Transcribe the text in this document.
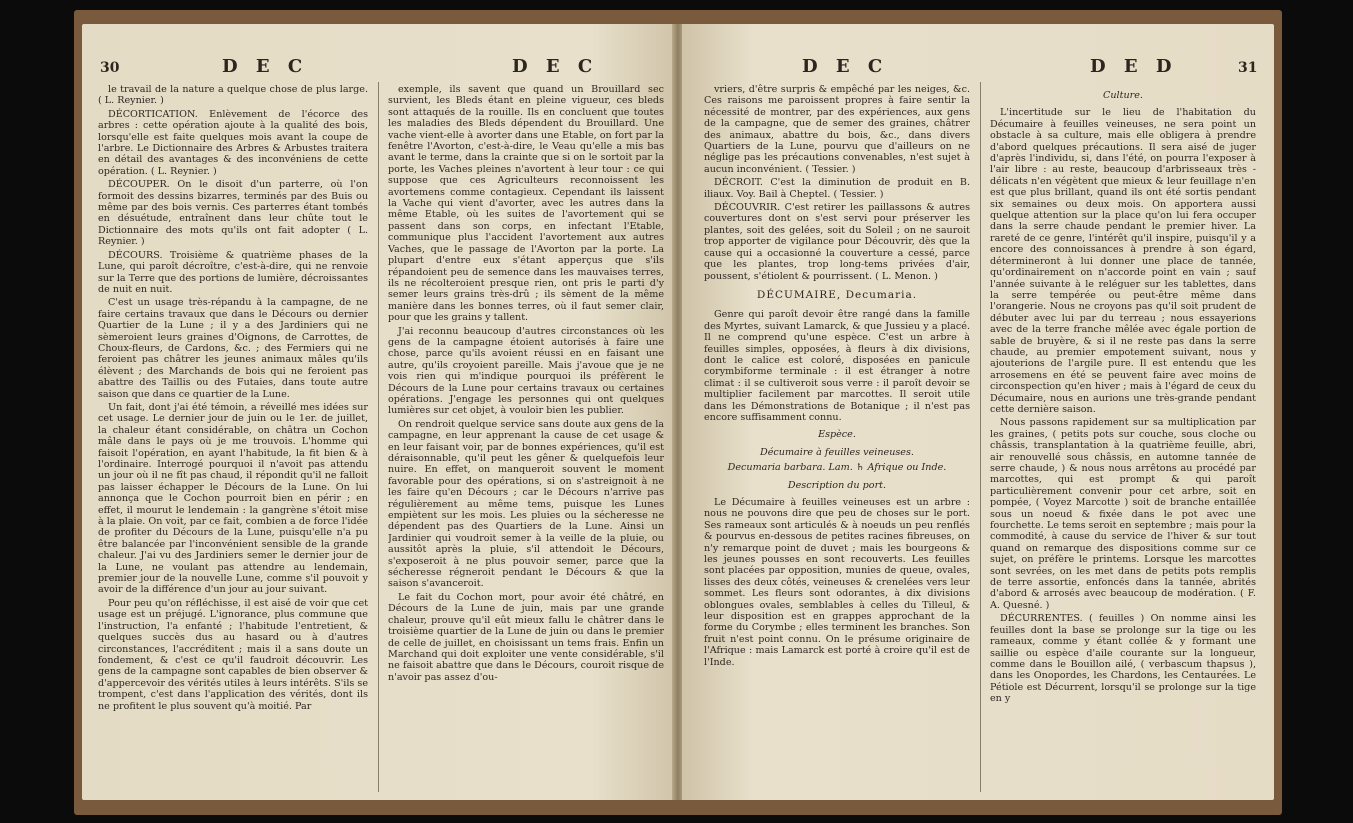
30	D E C	D E C

le travail de la nature a quelque chose de plus large. ( L. Reynier. )

DÉCORTICATION. Enlèvement de l'écorce des arbres : cette opération ajoute à la qualité des bois, lorsqu'elle est faite quelques mois avant la coupe de l'arbre. Le Dictionnaire des Arbres & Arbustes traitera en détail des avantages & des inconvéniens de cette opération. ( L. Reynier. )

DÉCOUPER. On le disoit d'un parterre, où l'on formoit des dessins bizarres, terminés par des Buis ou même par des bois vernis. Ces parterres étant tombés en désuétude, entraînent dans leur chûte tout le Dictionnaire des mots qu'ils ont fait adopter ( L. Reynier. )

DÉCOURS. Troisième & quatrième phases de la Lune, qui paroît décroître, c'est-à-dire, qui ne renvoie sur la Terre que des portions de lumière, décroissantes de nuit en nuit.

C'est un usage très-répandu à la campagne, de ne faire certains travaux que dans le Décours ou dernier Quartier de la Lune ; il y a des Jardiniers qui ne sèmeroient leurs graines d'Oignons, de Carrottes, de Choux-fleurs, de Cardons, &c. ; des Fermiers qui ne feroient pas châtrer les jeunes animaux mâles qu'ils élèvent ; des Marchands de bois qui ne feroient pas abattre des Taillis ou des Futaies, dans toute autre saison que dans ce quartier de la Lune.

Un fait, dont j'ai été témoin, a réveillé mes idées sur cet usage. Le dernier jour de juin ou le 1er. de juillet, la chaleur étant considérable, on châtra un Cochon mâle dans le pays où je me trouvois. L'homme qui faisoit l'opération, en ayant l'habitude, la fit bien & à l'ordinaire. Interrogé pourquoi il n'avoit pas attendu un jour où il ne fît pas chaud, il répondit qu'il ne falloit pas laisser échapper le Décours de la Lune. On lui annonça que le Cochon pourroit bien en périr ; en effet, il mourut le lendemain : la gangrène s'étoit mise à la plaie. On voit, par ce fait, combien a de force l'idée de profiter du Décours de la Lune, puisqu'elle n'a pu être balancée par l'inconvénient sensible de la grande chaleur. J'ai vu des Jardiniers semer le dernier jour de la Lune, ne voulant pas attendre au lendemain, premier jour de la nouvelle Lune, comme s'il pouvoit y avoir de la différence d'un jour au jour suivant.

Pour peu qu'on réfléchisse, il est aisé de voir que cet usage est un préjugé. L'ignorance, plus commune que l'instruction, l'a enfanté ; l'habitude l'entretient, & quelques succès dus au hasard ou à d'autres circonstances, l'accréditent ; mais il a sans doute un fondement, & c'est ce qu'il faudroit découvrir. Les gens de la campagne sont capables de bien observer & d'appercevoir des vérités utiles à leurs intérêts. S'ils se trompent, c'est dans l'application des vérités, dont ils ne profitent le plus souvent qu'à moitié. Par

exemple, ils savent que quand un Brouillard sec survient, les Bleds étant en pleine vigueur, ces bleds sont attaqués de la rouille. Ils en concluent que toutes les maladies des Bleds dépendent du Brouillard. Une vache vient-elle à avorter dans une Etable, on fort par la fenêtre l'Avorton, c'est-à-dire, le Veau qu'elle a mis bas avant le terme, dans la crainte que si on le sortoit par la porte, les Vaches pleines n'avortent à leur tour : ce qui suppose que ces Agriculteurs reconnoissent les avortemens comme contagieux. Cependant ils laissent la Vache qui vient d'avorter, avec les autres dans la même Etable, où les suites de l'avortement qui se passent dans son corps, en infectant l'Etable, communique plus l'accident l'avortement aux autres Vaches, que le passage de l'Avorton par la porte. La plupart d'entre eux s'étant apperçus que s'ils répandoient peu de semence dans les mauvaises terres, ils ne récolteroient presque rien, ont pris le parti d'y semer leurs grains très-drû ; ils sèment de la même manière dans les bonnes terres, où il faut semer clair, pour que les grains y tallent.

J'ai reconnu beaucoup d'autres circonstances où les gens de la campagne étoient autorisés à faire une chose, parce qu'ils avoient réussi en en faisant une autre, qu'ils croyoient pareille. Mais j'avoue que je ne vois rien qui m'indique pourquoi ils préfèrent le Décours de la Lune pour certains travaux ou certaines opérations. J'engage les personnes qui ont quelques lumières sur cet objet, à vouloir bien les publier.

On rendroit quelque service sans doute aux gens de la campagne, en leur apprenant la cause de cet usage & en leur faisant voir, par de bonnes expériences, qu'il est déraisonnable, qu'il peut les gêner & quelquefois leur nuire. En effet, on manqueroit souvent le moment favorable pour des opérations, si on s'astreignoit à ne les faire qu'en Décours ; car le Décours n'arrive pas régulièrement au même tems, puisque les Lunes empiètent sur les mois. Les pluies ou la sécheresse ne dépendent pas des Quartiers de la Lune. Ainsi un Jardinier qui voudroit semer à la veille de la pluie, ou aussitôt après la pluie, s'il attendoit le Décours, s'exposeroit à ne plus pouvoir semer, parce que la sécheresse régneroit pendant le Décours & que la saison s'avanceroit.

Le fait du Cochon mort, pour avoir été châtré, en Décours de la Lune de juin, mais par une grande chaleur, prouve qu'il eût mieux fallu le châtrer dans le troisième quartier de la Lune de juin ou dans le premier de celle de juillet, en choisissant un tems frais. Enfin un Marchand qui doit exploiter une vente considérable, s'il ne faisoit abattre que dans le Décours, couroit risque de n'avoir pas assez d'ou-

D E C	D E D	31

vriers, d'être surpris & empêché par les neiges, &c. Ces raisons me paroissent propres à faire sentir la nécessité de montrer, par des expériences, aux gens de la campagne, que de semer des graines, châtrer des animaux, abattre du bois, &c., dans divers Quartiers de la Lune, pourvu que d'ailleurs on ne néglige pas les précautions convenables, n'est sujet à aucun inconvénient. ( Tessier. )

DÉCROIT. C'est la diminution de produit en B. iliaux. Voy. Bail à Cheptel. ( Tessier. )

DÉCOUVRIR. C'est retirer les paillassons & autres couvertures dont on s'est servi pour préserver les plantes, soit des gelées, soit du Soleil ; on ne sauroit trop apporter de vigilance pour Découvrir, dès que la cause qui a occasionné la couverture a cessé, parce que les plantes, trop long-tems privées d'air, poussent, s'étiolent & pourrissent. ( L. Menon. )

DÉCUMAIRE, Decumaria.

Genre qui paroît devoir être rangé dans la famille des Myrtes, suivant Lamarck, & que Jussieu y a placé. Il ne comprend qu'une espèce. C'est un arbre à feuilles simples, opposées, à fleurs à dix divisions, dont le calice est coloré, disposées en panicule corymbiforme terminale : il est étranger à notre climat : il se cultiveroit sous verre : il paroît devoir se multiplier facilement par marcottes. Il seroit utile dans les Démonstrations de Botanique ; il n'est pas encore suffisamment connu.

Espèce.

Décumaire à feuilles veineuses.

Decumaria barbara. Lam. ♄ Afrique ou Inde.

Description du port.

Le Décumaire à feuilles veineuses est un arbre : nous ne pouvons dire que peu de choses sur le port. Ses rameaux sont articulés & à noeuds un peu renflés & pourvus en-dessous de petites racines fibreuses, on n'y remarque point de duvet ; mais les bourgeons & les jeunes pousses en sont recouverts. Les feuilles sont placées par opposition, munies de queue, ovales, lisses des deux côtés, veineuses & crenelées vers leur sommet. Les fleurs sont odorantes, à dix divisions oblongues ovales, semblables à celles du Tilleul, & leur disposition est en grappes approchant de la forme du Corymbe ; elles terminent les branches. Son fruit n'est point connu. On le présume originaire de l'Afrique : mais Lamarck est porté à croire qu'il est de l'Inde.

Culture.

L'incertitude sur le lieu de l'habitation du Décumaire à feuilles veineuses, ne sera point un obstacle à sa culture, mais elle obligera à prendre d'abord quelques précautions. Il sera aisé de juger d'après l'individu, si, dans l'été, on pourra l'exposer à l'air libre : au reste, beaucoup d'arbrisseaux très - délicats n'en végètent que mieux & leur feuillage n'en est que plus brillant, quand ils ont été sortis pendant six semaines ou deux mois. On apportera aussi quelque attention sur la place qu'on lui fera occuper dans la serre chaude pendant le premier hiver. La rareté de ce genre, l'intérêt qu'il inspire, puisqu'il y a encore des connoissances à prendre à son égard, détermineront à lui donner une place de tannée, qu'ordinairement on n'accorde point en vain ; sauf l'année suivante à le reléguer sur les tablettes, dans la serre tempérée ou peut-être même dans l'orangerie. Nous ne croyons pas qu'il soit prudent de débuter avec lui par du terreau ; nous essayerions avec de la terre franche mêlée avec égale portion de sable de bruyère, & si il ne reste pas dans la serre chaude, au premier empotement suivant, nous y ajouterions de l'argile pure. Il est entendu que les arrosemens en été se peuvent faire avec moins de circonspection qu'en hiver ; mais à l'égard de ceux du Décumaire, nous en aurions une très-grande pendant cette dernière saison.

Nous passons rapidement sur sa multiplication par les graines, ( petits pots sur couche, sous cloche ou châssis, transplantation à la quatrième feuille, abri, air renouvellé sous châssis, en automne tannée de serre chaude, ) & nous nous arrêtons au procédé par marcottes, qui est prompt & qui paroît particulièrement convenir pour cet arbre, soit en pompée, ( Voyez Marcotte ) soit de branche entaillée sous un noeud & fixée dans le pot avec une fourchette. Le tems seroit en septembre ; mais pour la commodité, à cause du service de l'hiver & sur tout quand on remarque des dispositions comme sur ce sujet, on préfère le printems. Lorsque les marcottes sont sevrées, on les met dans de petits pots remplis de terre assortie, enfoncés dans la tannée, abrités d'abord & arrosés avec beaucoup de modération. ( F. A. Quesné. )

DÉCURRENTES. ( feuilles ) On nomme ainsi les feuilles dont la base se prolonge sur la tige ou les rameaux, comme y étant collée & y formant une saillie ou espèce d'aile courante sur la longueur, comme dans le Bouillon ailé, ( verbascum thapsus ), dans les Onopordes, les Chardons, les Centaurées. Le Pétiole est Décurrent, lorsqu'il se prolonge sur la tige en y
